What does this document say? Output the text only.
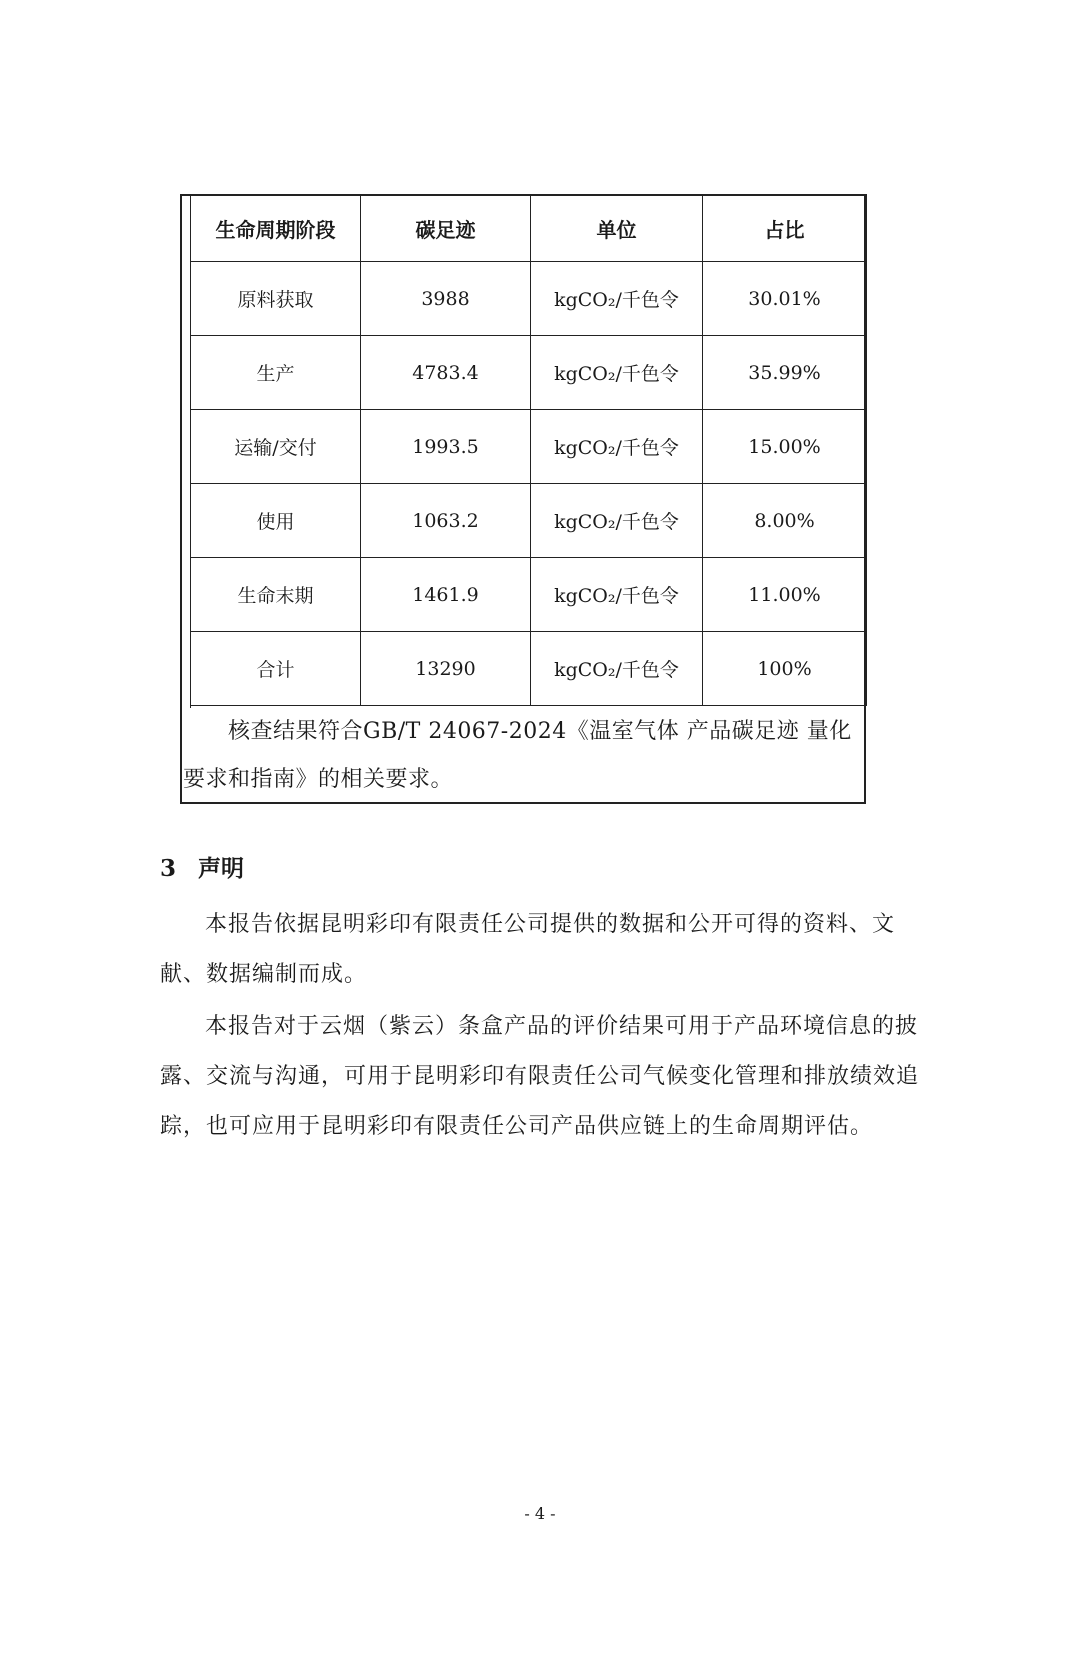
生命周期阶段	碳足迹	单位	占比
原料获取	3988	kgCO₂/千色令	30.01%
生产	4783.4	kgCO₂/千色令	35.99%
运输/交付	1993.5	kgCO₂/千色令	15.00%
使用	1063.2	kgCO₂/千色令	8.00%
生命末期	1461.9	kgCO₂/千色令	11.00%
合计	13290	kgCO₂/千色令	100%
核查结果符合GB/T 24067-2024《温室气体 产品碳足迹 量化要求和指南》的相关要求。
3 声明

本报告依据昆明彩印有限责任公司提供的数据和公开可得的资料、文献、数据编制而成。

本报告对于云烟（紫云）条盒产品的评价结果可用于产品环境信息的披露、交流与沟通，可用于昆明彩印有限责任公司气候变化管理和排放绩效追踪，也可应用于昆明彩印有限责任公司产品供应链上的生命周期评估。

- 4 -
